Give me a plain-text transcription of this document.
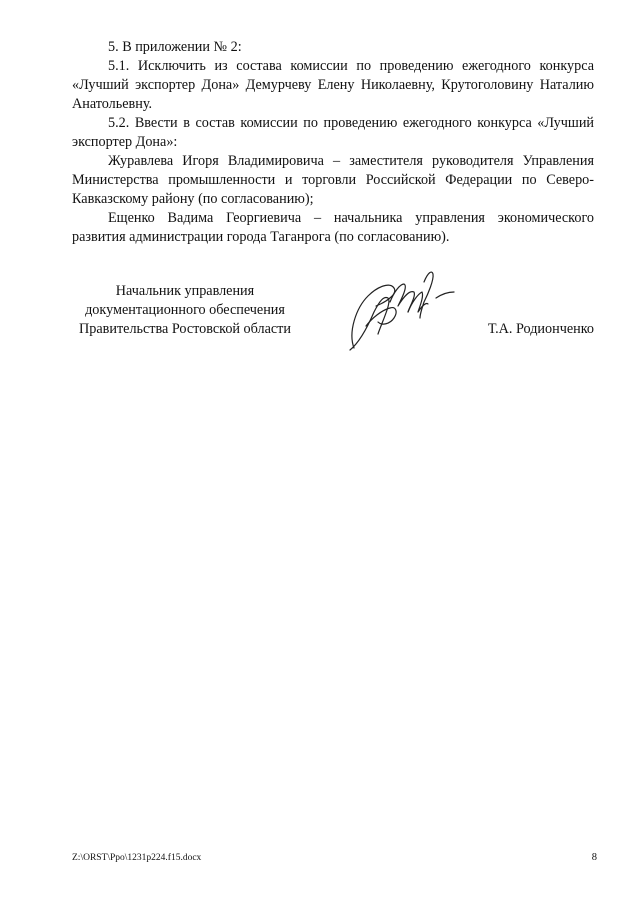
5. В приложении № 2:

5.1. Исключить из состава комиссии по проведению ежегодного конкурса «Лучший экспортер Дона» Демурчеву Елену Николаевну, Крутоголовину Наталию Анатольевну.

5.2. Ввести в состав комиссии по проведению ежегодного конкурса «Лучший экспортер Дона»:

Журавлева Игоря Владимировича – заместителя руководителя Управления Министерства промышленности и торговли Российской Федерации по Северо-Кавказскому району (по согласованию);

Ещенко Вадима Георгиевича – начальника управления экономического развития администрации города Таганрога (по согласованию).

Начальник управления
документационного обеспечения
Правительства Ростовской области	Т.А. Родионченко
Z:\ORST\Ppo\1231p224.f15.docx	8
